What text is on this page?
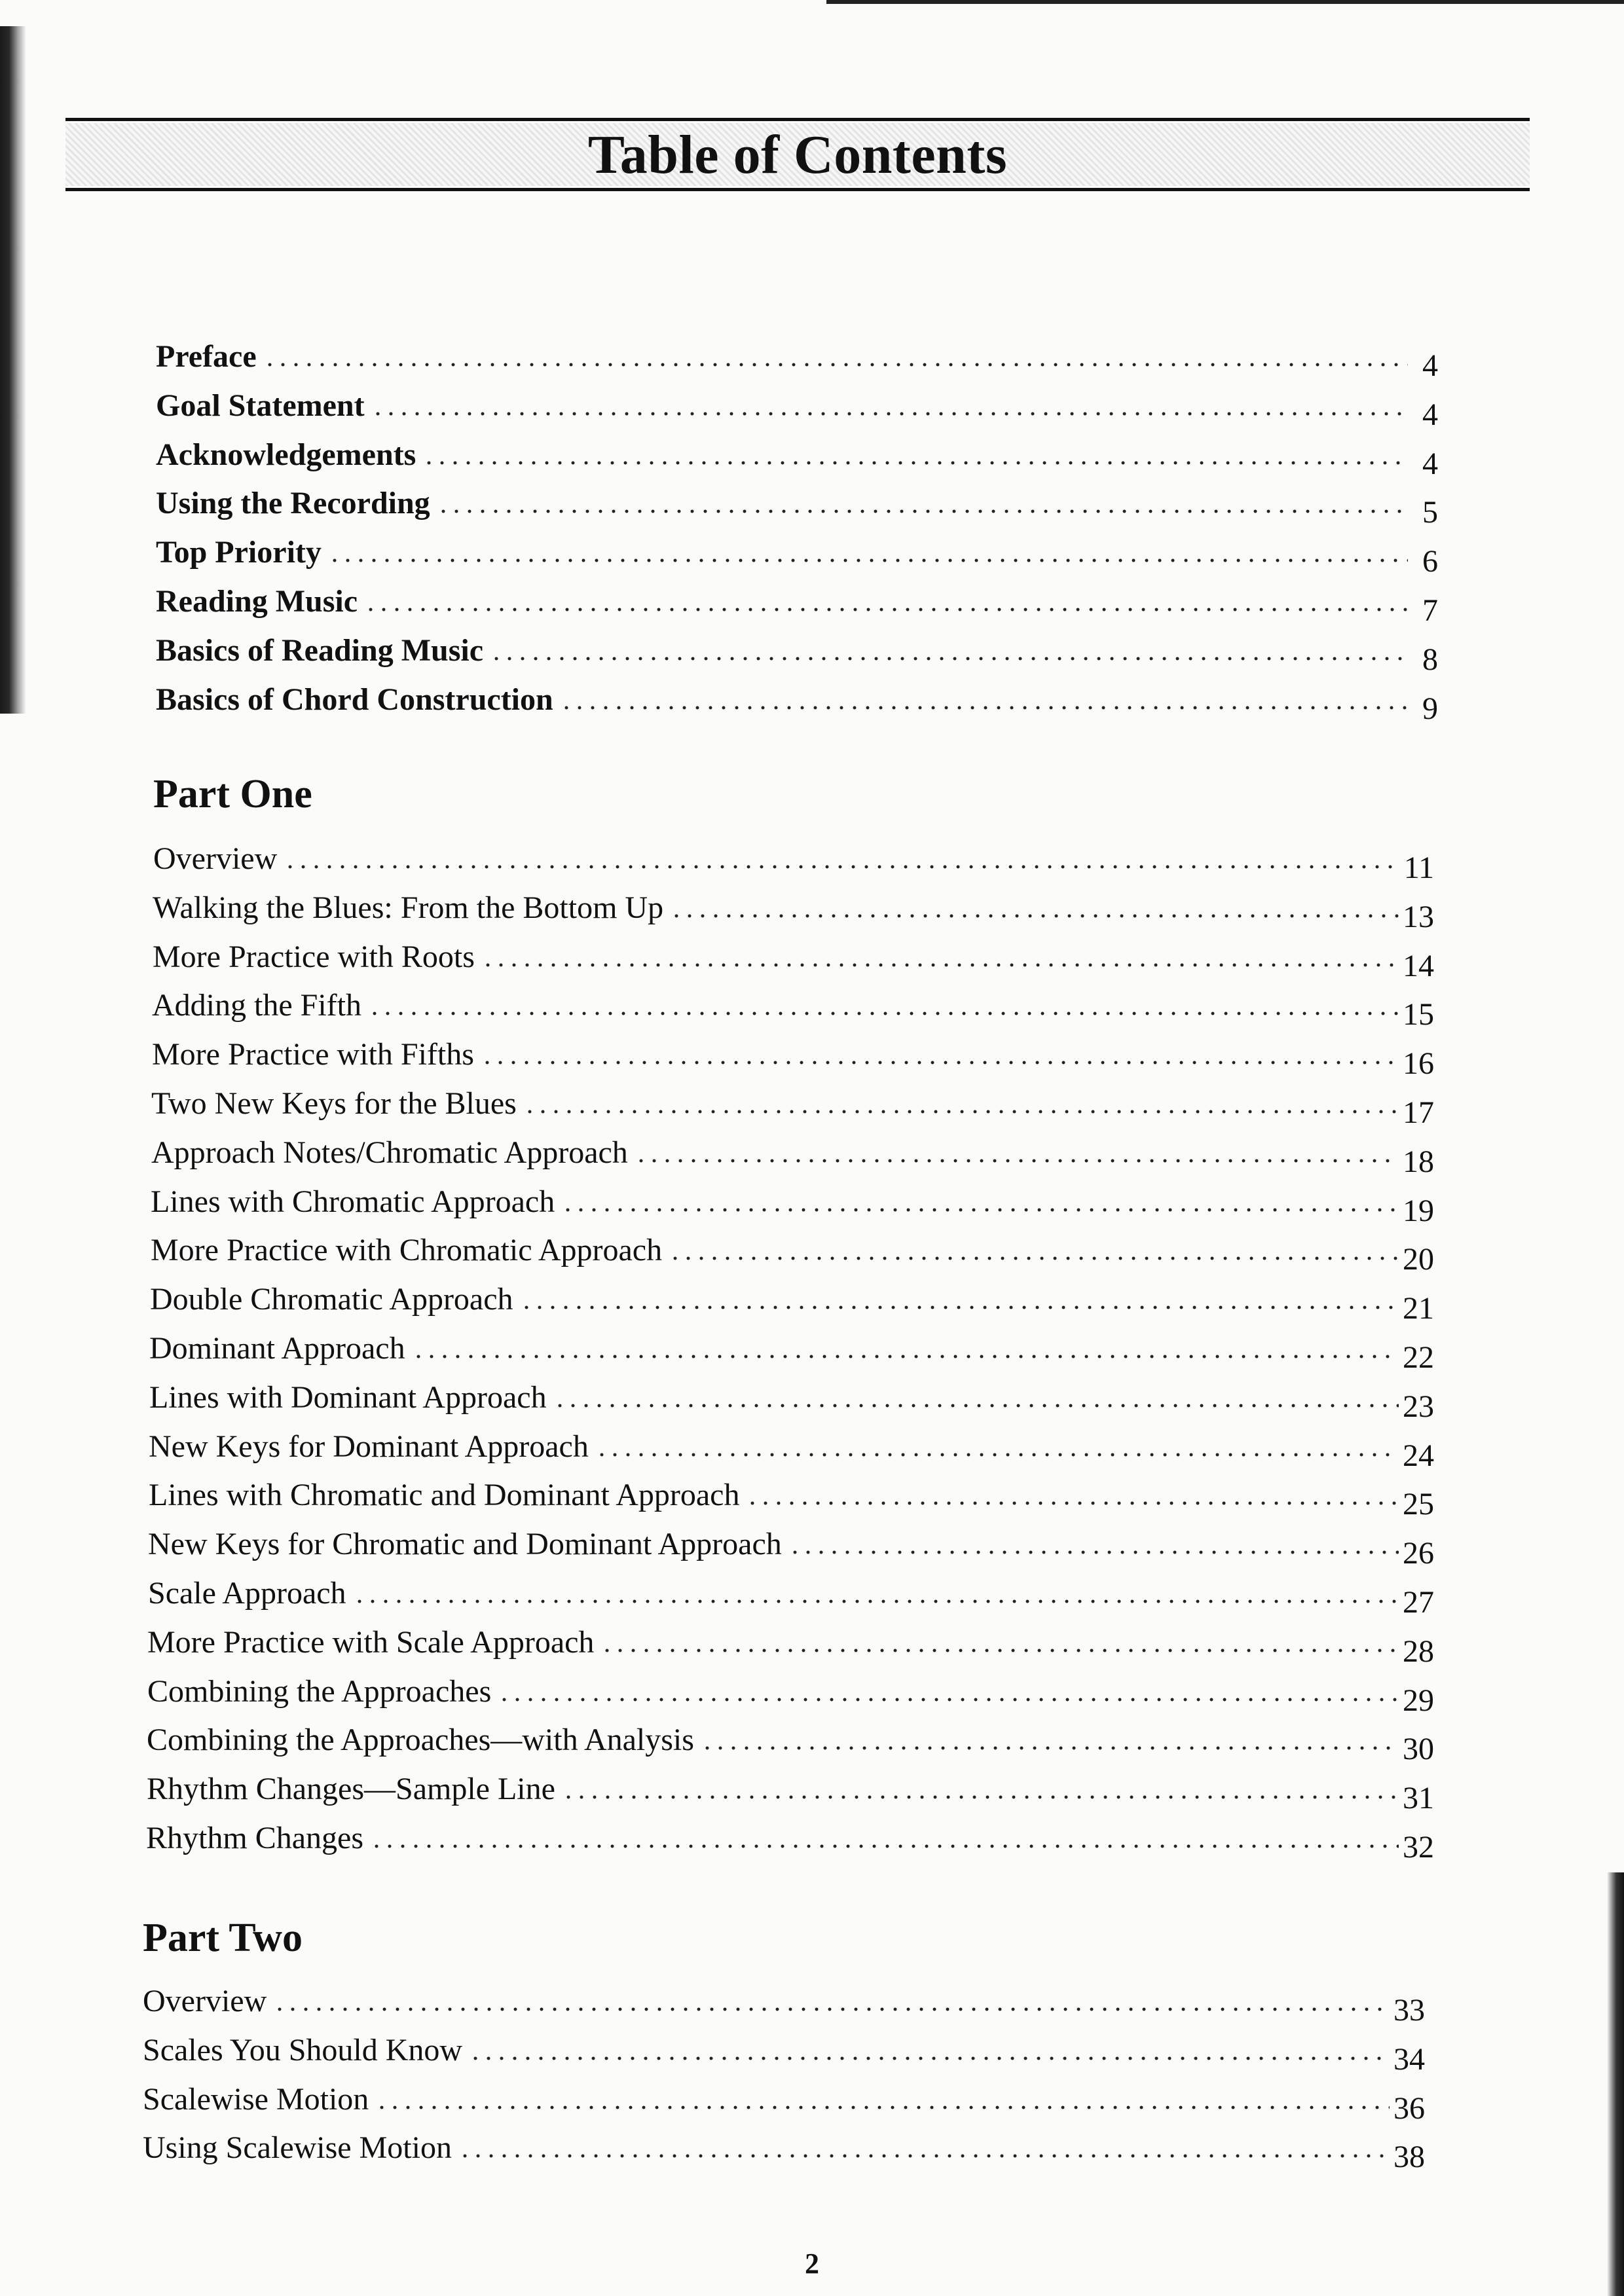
Table of Contents
Preface	4
Goal Statement	4
Acknowledgements	4
Using the Recording	5
Top Priority	6
Reading Music	7
Basics of Reading Music	8
Basics of Chord Construction	9
Part One
Overview	11
Walking the Blues: From the Bottom Up	13
More Practice with Roots	14
Adding the Fifth	15
More Practice with Fifths	16
Two New Keys for the Blues	17
Approach Notes/Chromatic Approach	18
Lines with Chromatic Approach	19
More Practice with Chromatic Approach	20
Double Chromatic Approach	21
Dominant Approach	22
Lines with Dominant Approach	23
New Keys for Dominant Approach	24
Lines with Chromatic and Dominant Approach	25
New Keys for Chromatic and Dominant Approach	26
Scale Approach	27
More Practice with Scale Approach	28
Combining the Approaches	29
Combining the Approaches—with Analysis	30
Rhythm Changes—Sample Line	31
Rhythm Changes	32
Part Two
Overview	33
Scales You Should Know	34
Scalewise Motion	36
Using Scalewise Motion	38
2
